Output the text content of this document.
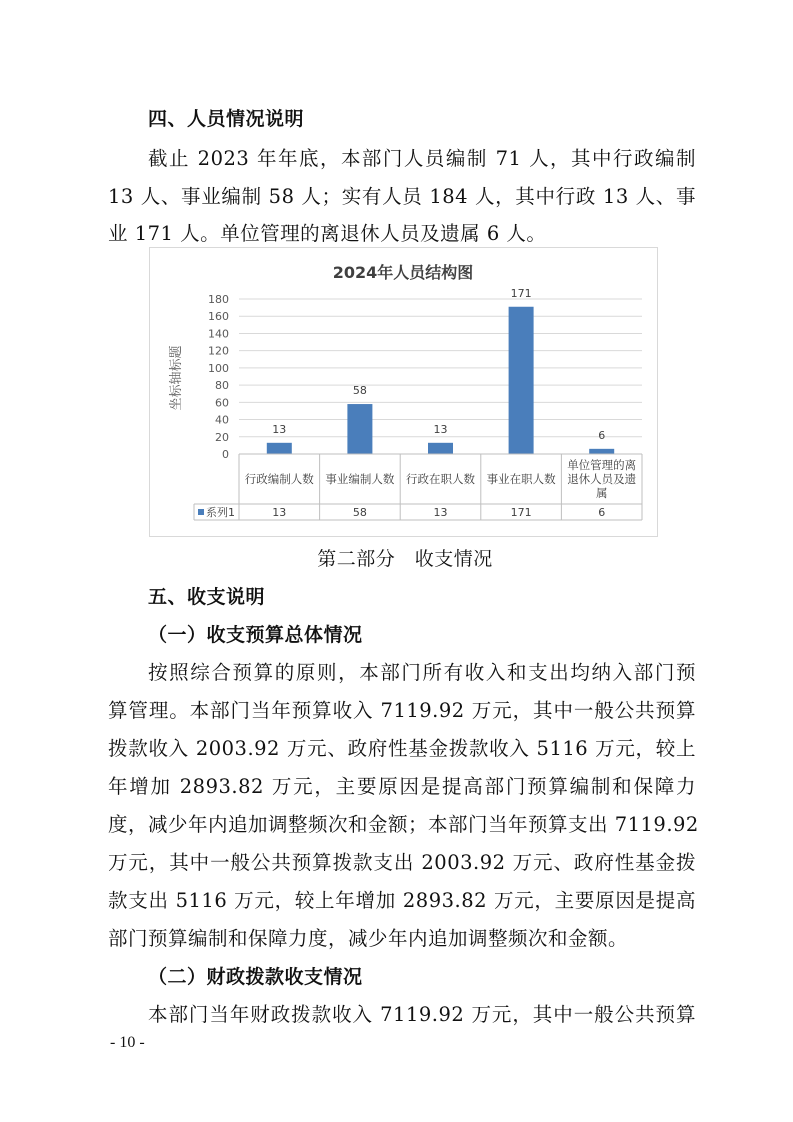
四、人员情况说明
截止 2023 年年底，本部门人员编制 71 人，其中行政编制
13 人、事业编制 58 人；实有人员 184 人，其中行政 13 人、事
业 171 人。单位管理的离退休人员及遗属 6 人。
2024年人员结构图
坐标轴标题
0
20
40
60
80
100
120
140
160
180
13
58
13
171
6
行政编制人数
13
事业编制人数
58
行政在职人数
13
事业在职人数
171
单位管理的离
退休人员及遗
属
6
系列1
第二部分　收支情况
五、收支说明
（一）收支预算总体情况
按照综合预算的原则，本部门所有收入和支出均纳入部门预
算管理。本部门当年预算收入 7119.92 万元，其中一般公共预算
拨款收入 2003.92 万元、政府性基金拨款收入 5116 万元，较上
年增加 2893.82 万元，主要原因是提高部门预算编制和保障力
度，减少年内追加调整频次和金额；本部门当年预算支出 7119.92
万元，其中一般公共预算拨款支出 2003.92 万元、政府性基金拨
款支出 5116 万元，较上年增加 2893.82 万元，主要原因是提高
部门预算编制和保障力度，减少年内追加调整频次和金额。
（二）财政拨款收支情况
本部门当年财政拨款收入 7119.92 万元，其中一般公共预算
- 10 -
